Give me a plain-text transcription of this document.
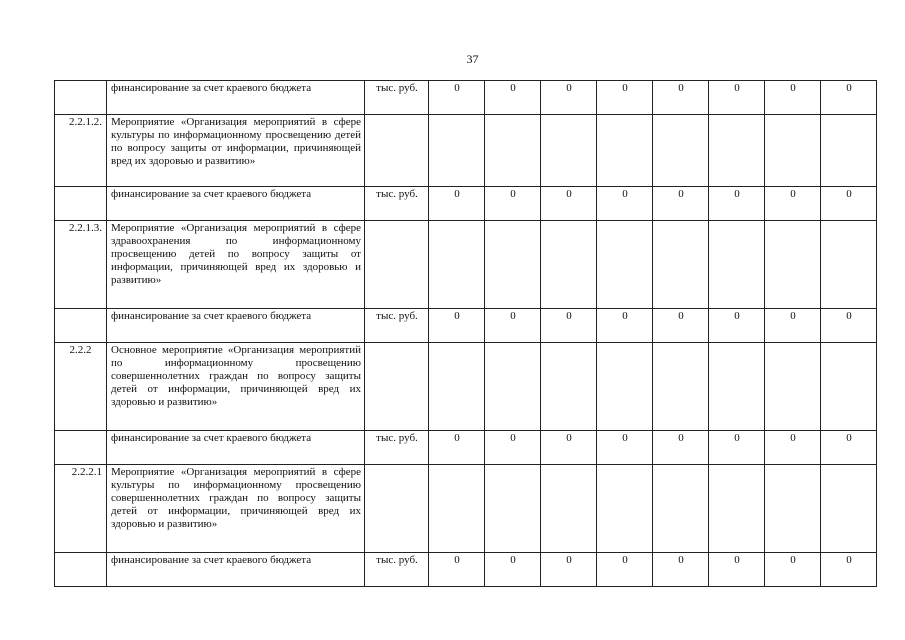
37
	финансирование за счет краевого бюджета	тыс. руб.	0	0	0	0	0	0	0	0
2.2.1.2.	Мероприятие «Организация мероприятий в сфере культуры по информационному просвещению детей по вопросу защиты от информации, причиняющей вред их здоровью и развитию»									
	финансирование за счет краевого бюджета	тыс. руб.	0	0	0	0	0	0	0	0
2.2.1.3.	Мероприятие «Организация мероприятий в сфере здравоохранения по информационному просвещению детей по вопросу защиты от информации, причиняющей вред их здоровью и развитию»									
	финансирование за счет краевого бюджета	тыс. руб.	0	0	0	0	0	0	0	0
2.2.2	Основное мероприятие «Организация мероприятий по информационному просвещению совершеннолетних граждан по вопросу защиты детей от информации, причиняющей вред их здоровью и развитию»									
	финансирование за счет краевого бюджета	тыс. руб.	0	0	0	0	0	0	0	0
2.2.2.1	Мероприятие «Организация мероприятий в сфере культуры по информационному просвещению совершеннолетних граждан по вопросу защиты детей от информации, причиняющей вред их здоровью и развитию»									
	финансирование за счет краевого бюджета	тыс. руб.	0	0	0	0	0	0	0	0
